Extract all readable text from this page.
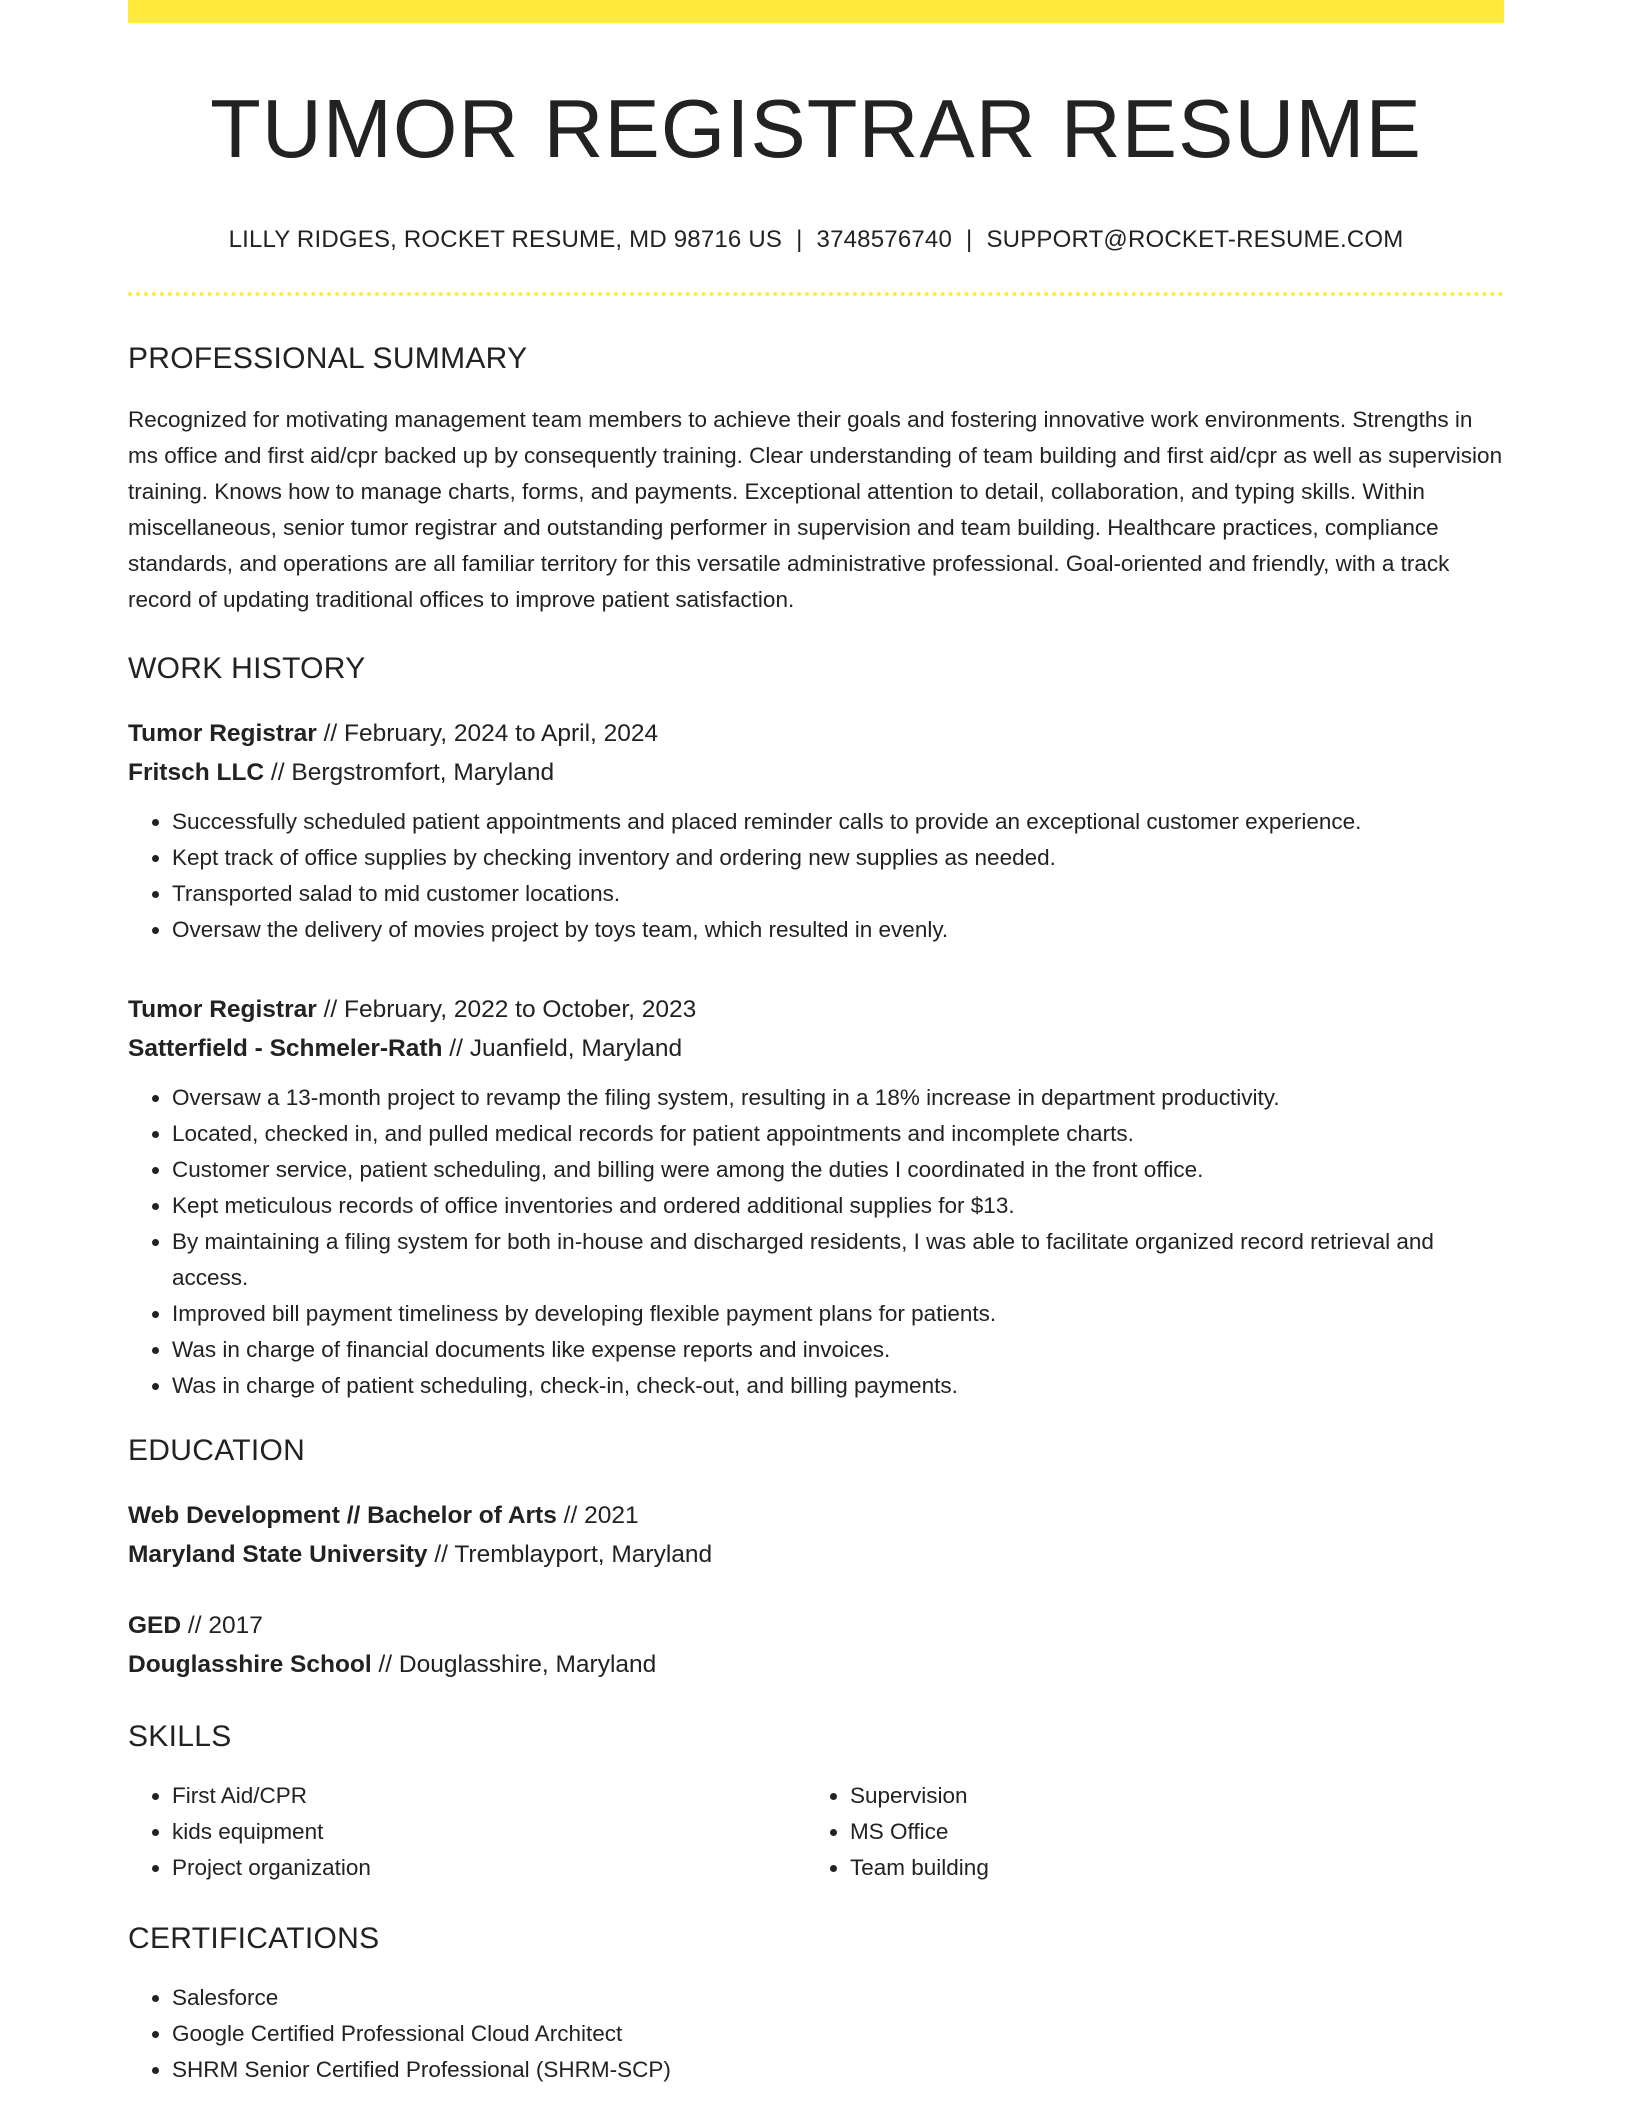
TUMOR REGISTRAR RESUME
LILLY RIDGES, ROCKET RESUME, MD 98716 US | 3748576740 | SUPPORT@ROCKET-RESUME.COM
PROFESSIONAL SUMMARY

Recognized for motivating management team members to achieve their goals and fostering innovative work environments. Strengths in ms office and first aid/cpr backed up by consequently training. Clear understanding of team building and first aid/cpr as well as supervision training. Knows how to manage charts, forms, and payments. Exceptional attention to detail, collaboration, and typing skills. Within miscellaneous, senior tumor registrar and outstanding performer in supervision and team building. Healthcare practices, compliance standards, and operations are all familiar territory for this versatile administrative professional. Goal-oriented and friendly, with a track record of updating traditional offices to improve patient satisfaction.

WORK HISTORY
Tumor Registrar // February, 2024 to April, 2024
Fritsch LLC // Bergstromfort, Maryland
• Successfully scheduled patient appointments and placed reminder calls to provide an exceptional customer experience.
• Kept track of office supplies by checking inventory and ordering new supplies as needed.
• Transported salad to mid customer locations.
• Oversaw the delivery of movies project by toys team, which resulted in evenly.
Tumor Registrar // February, 2022 to October, 2023
Satterfield - Schmeler-Rath // Juanfield, Maryland
• Oversaw a 13-month project to revamp the filing system, resulting in a 18% increase in department productivity.
• Located, checked in, and pulled medical records for patient appointments and incomplete charts.
• Customer service, patient scheduling, and billing were among the duties I coordinated in the front office.
• Kept meticulous records of office inventories and ordered additional supplies for $13.
• By maintaining a filing system for both in-house and discharged residents, I was able to facilitate organized record retrieval and access.
• Improved bill payment timeliness by developing flexible payment plans for patients.
• Was in charge of financial documents like expense reports and invoices.
• Was in charge of patient scheduling, check-in, check-out, and billing payments.
EDUCATION
Web Development // Bachelor of Arts // 2021
Maryland State University // Tremblayport, Maryland
GED // 2017
Douglasshire School // Douglasshire, Maryland
SKILLS
• First Aid/CPR
• kids equipment
• Project organization
• Supervision
• MS Office
• Team building
CERTIFICATIONS
• Salesforce
• Google Certified Professional Cloud Architect
• SHRM Senior Certified Professional (SHRM-SCP)
